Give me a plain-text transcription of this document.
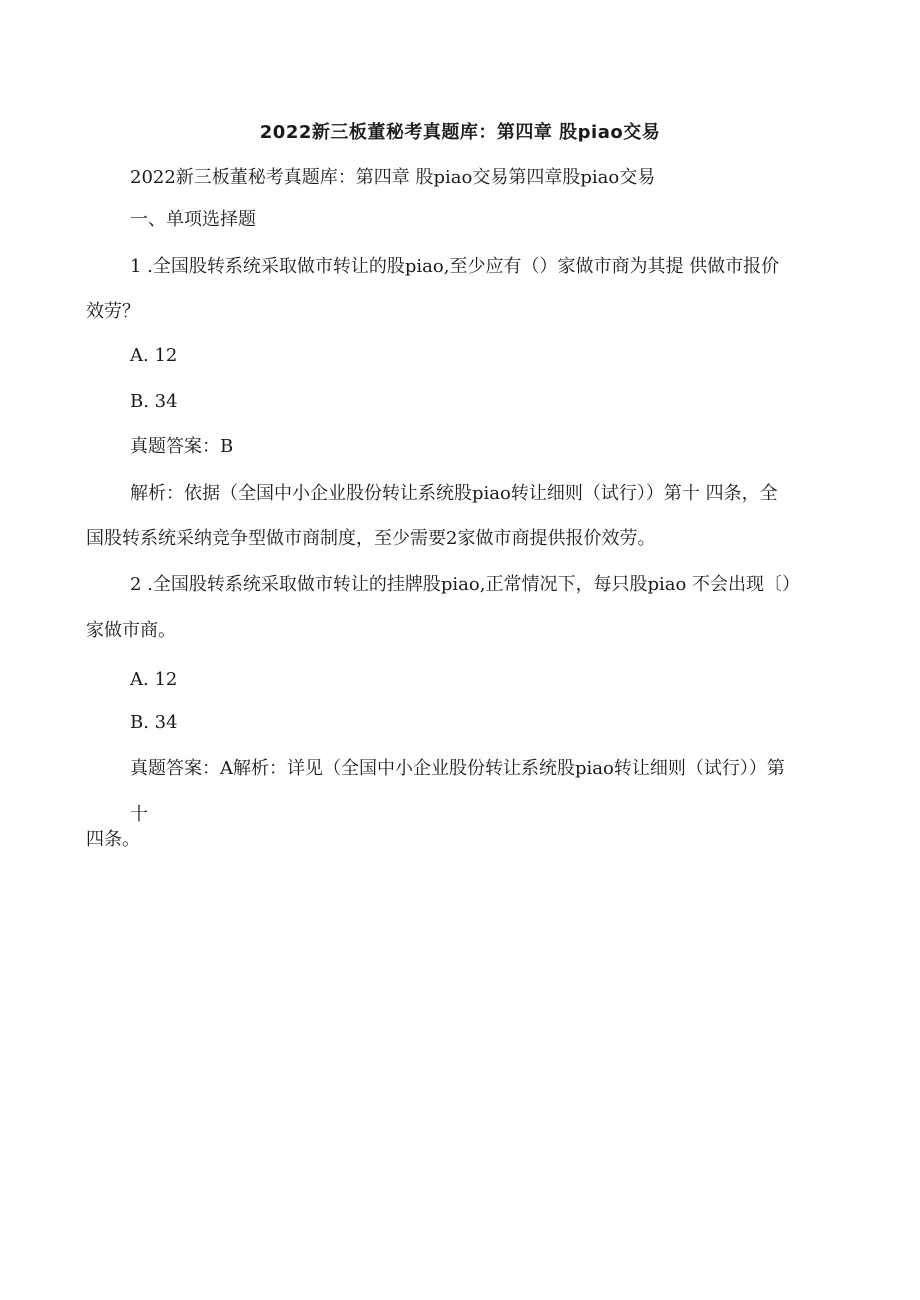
2022新三板董秘考真题库：第四章 股piao交易
2022新三板董秘考真题库：第四章 股piao交易第四章股piao交易
一、单项选择题
1 .全国股转系统采取做市转让的股piao,至少应有（）家做市商为其提 供做市报价
效劳？
A. 12
B. 34
真题答案：B
解析：依据（全国中小企业股份转让系统股piao转让细则（试行））第十 四条，全
国股转系统采纳竞争型做市商制度，至少需要2家做市商提供报价效劳。
2 .全国股转系统采取做市转让的挂牌股piao,正常情况下，每只股piao 不会出现〔）
家做市商。
A. 12
B. 34
真题答案：A解析：详见（全国中小企业股份转让系统股piao转让细则（试行））第
十
四条。
